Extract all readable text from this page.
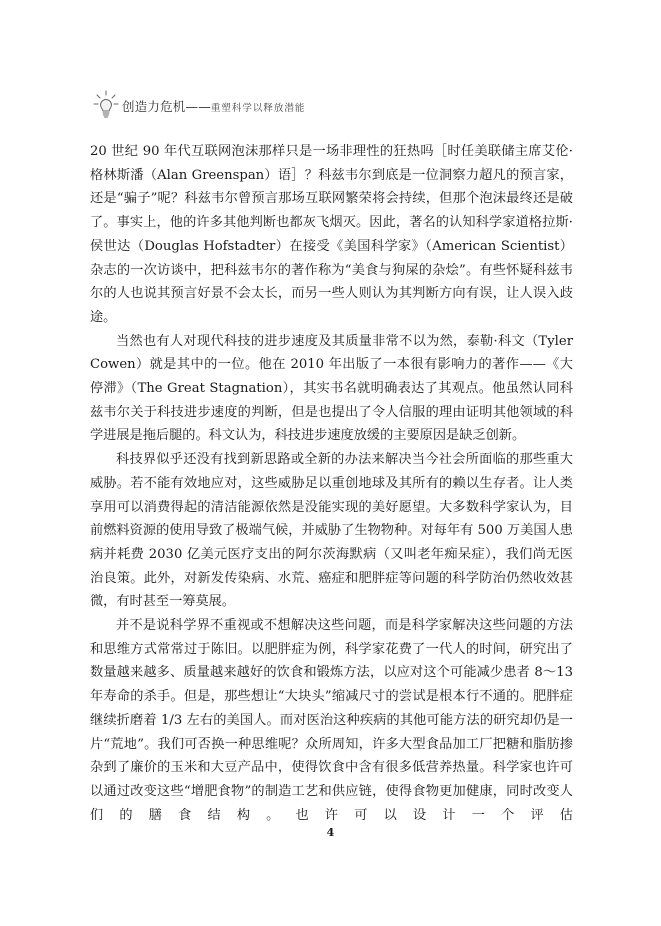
创造力危机——重塑科学以释放潜能

20 世纪 90 年代互联网泡沫那样只是一场非理性的狂热吗［时任美联储主席艾伦·格林斯潘（Alan Greenspan）语］？科兹韦尔到底是一位洞察力超凡的预言家，还是“骗子”呢？科兹韦尔曾预言那场互联网繁荣将会持续，但那个泡沫最终还是破了。事实上，他的许多其他判断也都灰飞烟灭。因此，著名的认知科学家道格拉斯·侯世达（Douglas Hofstadter）在接受《美国科学家》（American Scientist）杂志的一次访谈中，把科兹韦尔的著作称为“美食与狗屎的杂烩”。有些怀疑科兹韦尔的人也说其预言好景不会太长，而另一些人则认为其判断方向有误，让人误入歧途。

当然也有人对现代科技的进步速度及其质量非常不以为然，泰勒·科文（Tyler Cowen）就是其中的一位。他在 2010 年出版了一本很有影响力的著作——《大停滞》（The Great Stagnation），其实书名就明确表达了其观点。他虽然认同科兹韦尔关于科技进步速度的判断，但是也提出了令人信服的理由证明其他领域的科学进展是拖后腿的。科文认为，科技进步速度放缓的主要原因是缺乏创新。

科技界似乎还没有找到新思路或全新的办法来解决当今社会所面临的那些重大威胁。若不能有效地应对，这些威胁足以重创地球及其所有的赖以生存者。让人类享用可以消费得起的清洁能源依然是没能实现的美好愿望。大多数科学家认为，目前燃料资源的使用导致了极端气候，并威胁了生物物种。对每年有 500 万美国人患病并耗费 2030 亿美元医疗支出的阿尔茨海默病（又叫老年痴呆症），我们尚无医治良策。此外，对新发传染病、水荒、癌症和肥胖症等问题的科学防治仍然收效甚微，有时甚至一筹莫展。

并不是说科学界不重视或不想解决这些问题，而是科学家解决这些问题的方法和思维方式常常过于陈旧。以肥胖症为例，科学家花费了一代人的时间，研究出了数量越来越多、质量越来越好的饮食和锻炼方法，以应对这个可能减少患者 8～13 年寿命的杀手。但是，那些想让“大块头”缩减尺寸的尝试是根本行不通的。肥胖症继续折磨着 1/3 左右的美国人。而对医治这种疾病的其他可能方法的研究却仍是一片“荒地”。我们可否换一种思维呢？众所周知，许多大型食品加工厂把糖和脂肪掺杂到了廉价的玉米和大豆产品中，使得饮食中含有很多低营养热量。科学家也许可以通过改变这些“增肥食物”的制造工艺和供应链，使得食物更加健康，同时改变人们的膳食结构。也许可以设计一个评估

4
